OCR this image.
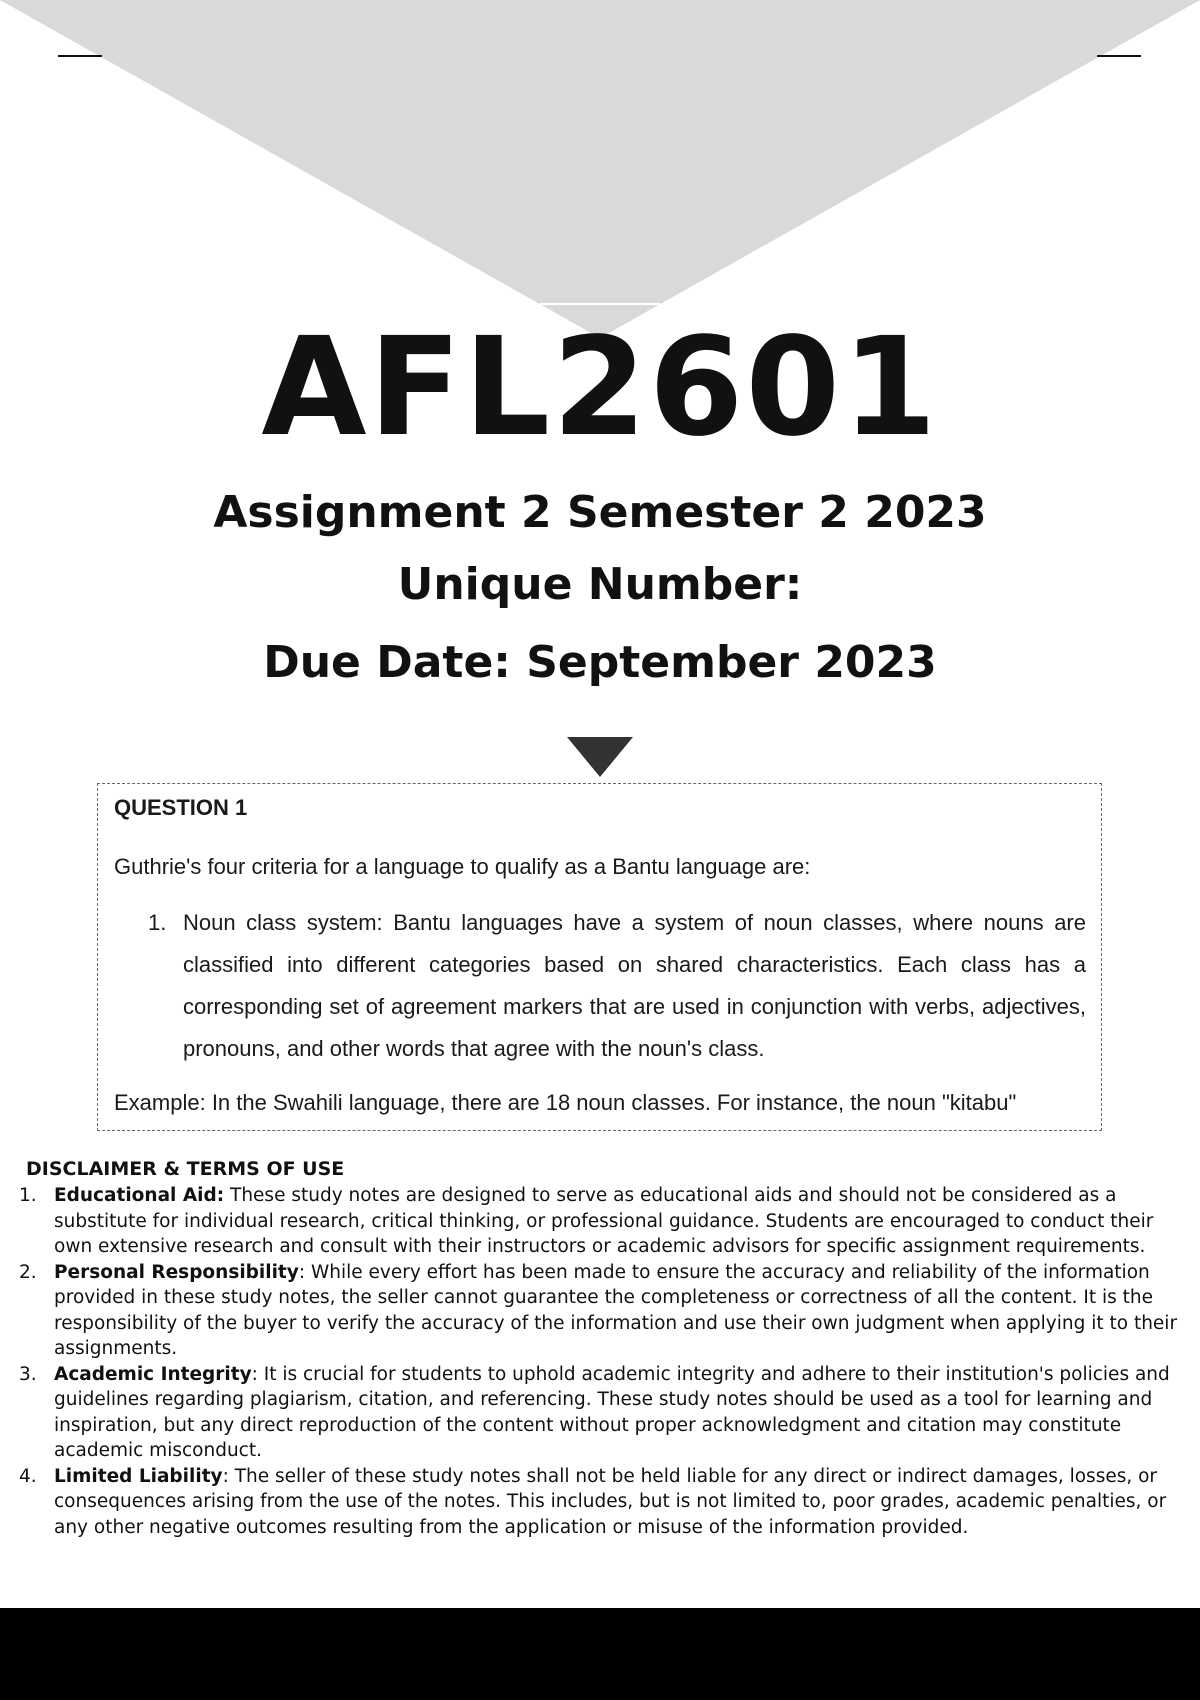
AFL2601
Assignment 2 Semester 2 2023
Unique Number:
Due Date: September 2023
QUESTION 1
Guthrie's four criteria for a language to qualify as a Bantu language are:
1. Noun class system: Bantu languages have a system of noun classes, where nouns are classified into different categories based on shared characteristics. Each class has a corresponding set of agreement markers that are used in conjunction with verbs, adjectives, pronouns, and other words that agree with the noun's class.
Example: In the Swahili language, there are 18 noun classes. For instance, the noun "kitabu"
DISCLAIMER & TERMS OF USE
1. Educational Aid: These study notes are designed to serve as educational aids and should not be considered as a substitute for individual research, critical thinking, or professional guidance. Students are encouraged to conduct their own extensive research and consult with their instructors or academic advisors for specific assignment requirements.
2. Personal Responsibility: While every effort has been made to ensure the accuracy and reliability of the information provided in these study notes, the seller cannot guarantee the completeness or correctness of all the content. It is the responsibility of the buyer to verify the accuracy of the information and use their own judgment when applying it to their assignments.
3. Academic Integrity: It is crucial for students to uphold academic integrity and adhere to their institution's policies and guidelines regarding plagiarism, citation, and referencing. These study notes should be used as a tool for learning and inspiration, but any direct reproduction of the content without proper acknowledgment and citation may constitute academic misconduct.
4. Limited Liability: The seller of these study notes shall not be held liable for any direct or indirect damages, losses, or consequences arising from the use of the notes. This includes, but is not limited to, poor grades, academic penalties, or any other negative outcomes resulting from the application or misuse of the information provided.
